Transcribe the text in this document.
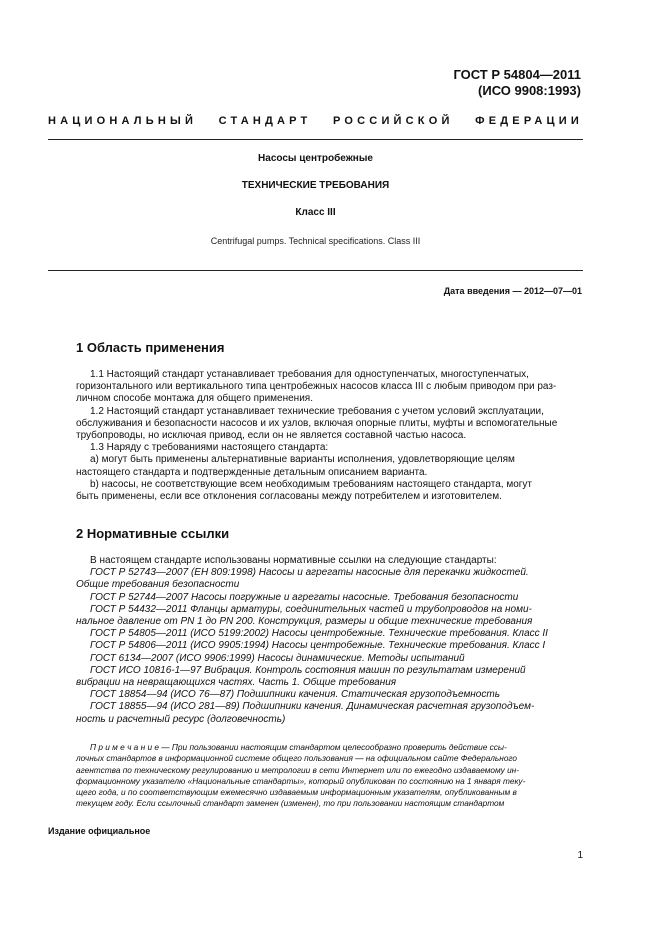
ГОСТ Р 54804—2011
(ИСО 9908:1993)
НАЦИОНАЛЬНЫЙ СТАНДАРТ РОССИЙСКОЙ ФЕДЕРАЦИИ
Насосы центробежные
ТЕХНИЧЕСКИЕ ТРЕБОВАНИЯ
Класс III
Centrifugal pumps. Technical specifications. Class III
Дата введения — 2012—07—01
1 Область применения
1.1 Настоящий стандарт устанавливает требования для одноступенчатых, многоступенчатых,
горизонтального или вертикального типа центробежных насосов класса III с любым приводом при раз-
личном способе монтажа для общего применения.
1.2 Настоящий стандарт устанавливает технические требования с учетом условий эксплуатации,
обслуживания и безопасности насосов и их узлов, включая опорные плиты, муфты и вспомогательные
трубопроводы, но исключая привод, если он не является составной частью насоса.
1.3 Наряду с требованиями настоящего стандарта:
a) могут быть применены альтернативные варианты исполнения, удовлетворяющие целям
настоящего стандарта и подтвержденные детальным описанием варианта.
b) насосы, не соответствующие всем необходимым требованиям настоящего стандарта, могут
быть применены, если все отклонения согласованы между потребителем и изготовителем.
2 Нормативные ссылки
В настоящем стандарте использованы нормативные ссылки на следующие стандарты:
ГОСТ Р 52743—2007 (ЕН 809:1998) Насосы и агрегаты насосные для перекачки жидкостей.
Общие требования безопасности
ГОСТ Р 52744—2007 Насосы погружные и агрегаты насосные. Требования безопасности
ГОСТ Р 54432—2011 Фланцы арматуры, соединительных частей и трубопроводов на номи-
нальное давление от PN 1 до PN 200. Конструкция, размеры и общие технические требования
ГОСТ Р 54805—2011 (ИСО 5199:2002) Насосы центробежные. Технические требования. Класс II
ГОСТ Р 54806—2011 (ИСО 9905:1994) Насосы центробежные. Технические требования. Класс I
ГОСТ 6134—2007 (ИСО 9906:1999) Насосы динамические. Методы испытаний
ГОСТ ИСО 10816-1—97 Вибрация. Контроль состояния машин по результатам измерений
вибрации на невращающихся частях. Часть 1. Общие требования
ГОСТ 18854—94 (ИСО 76—87) Подшипники качения. Статическая грузоподъемность
ГОСТ 18855—94 (ИСО 281—89) Подшипники качения. Динамическая расчетная грузоподъем-
ность и расчетный ресурс (долговечность)
П р и м е ч а н и е — При пользовании настоящим стандартом целесообразно проверить действие ссы-
лочных стандартов в информационной системе общего пользования — на официальном сайте Федерального
агентства по техническому регулированию и метрологии в сети Интернет или по ежегодно издаваемому ин-
формационному указателю «Национальные стандарты», который опубликован по состоянию на 1 января теку-
щего года, и по соответствующим ежемесячно издаваемым информационным указателям, опубликованным в
текущем году. Если ссылочный стандарт заменен (изменен), то при пользовании настоящим стандартом
Издание официальное
1
